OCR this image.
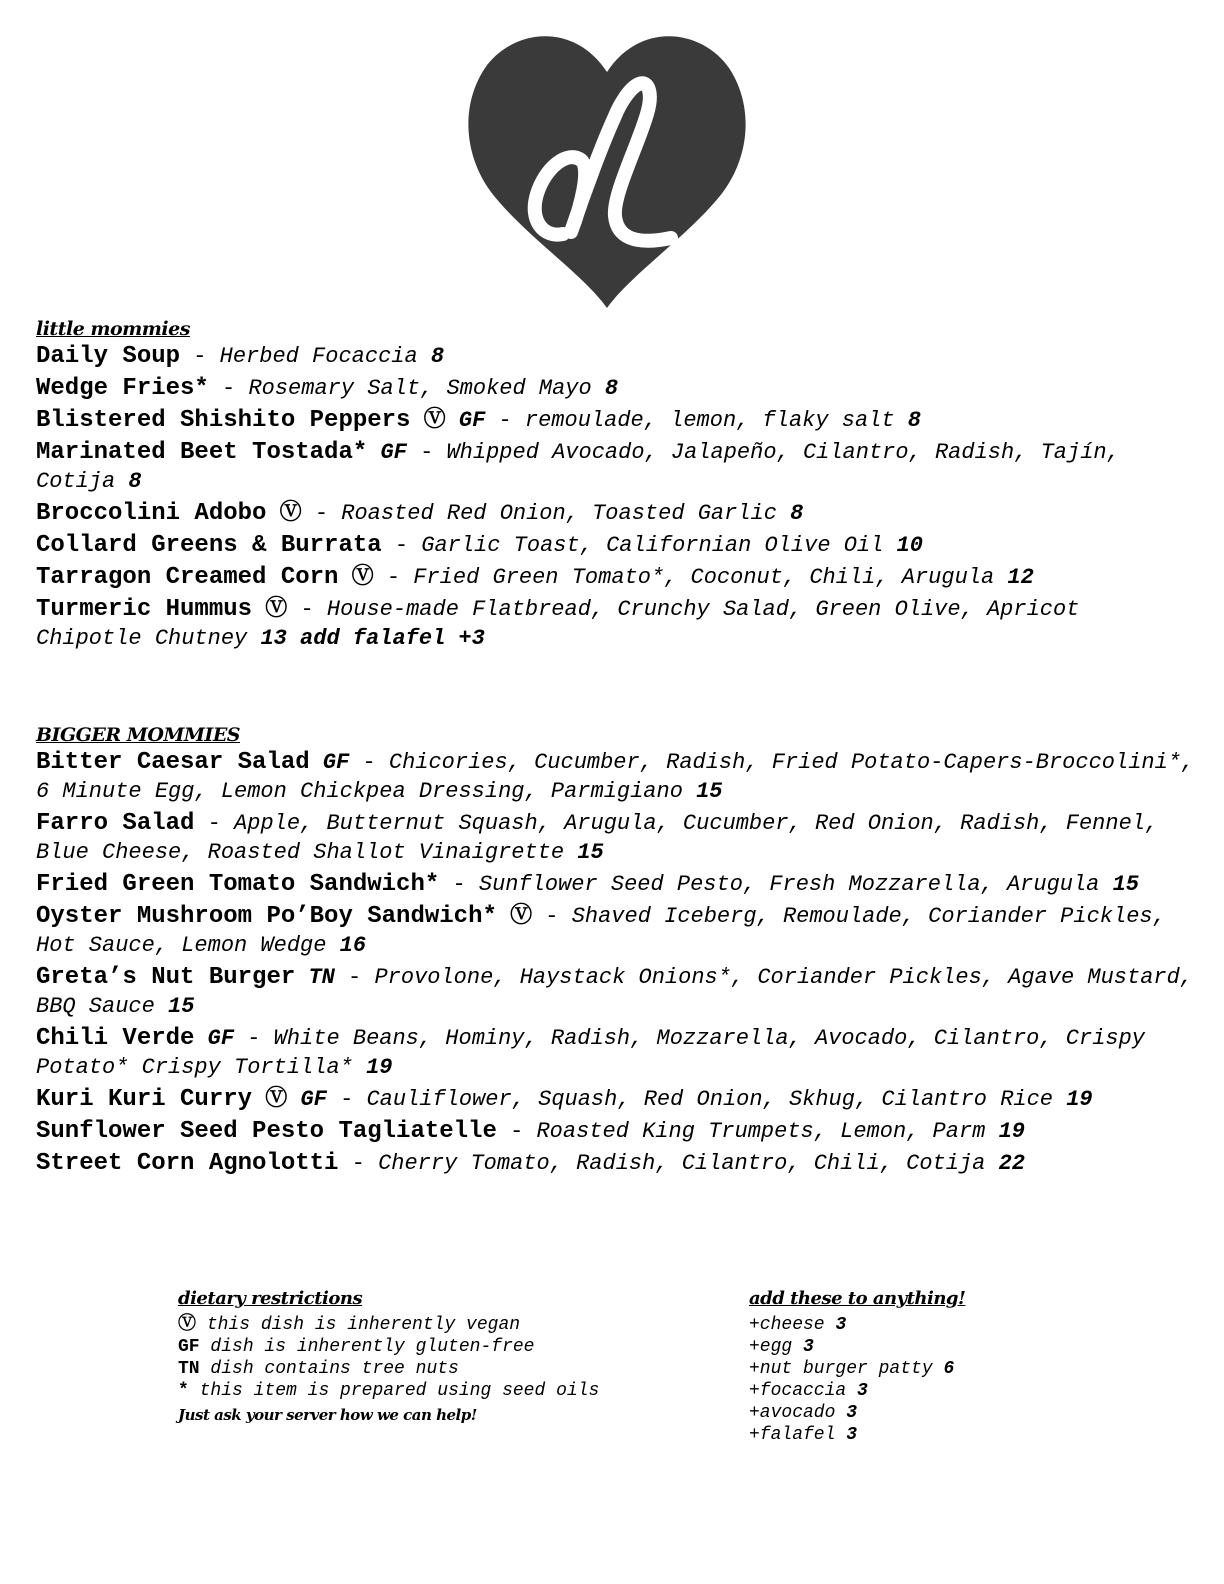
little mommies
Daily Soup - Herbed Focaccia 8
Wedge Fries* - Rosemary Salt, Smoked Mayo 8
Blistered Shishito Peppers Ⓥ GF - remoulade, lemon, flaky salt 8
Marinated Beet Tostada* GF - Whipped Avocado, Jalapeño, Cilantro, Radish, Tajín, Cotija 8
Broccolini Adobo Ⓥ - Roasted Red Onion, Toasted Garlic 8
Collard Greens & Burrata - Garlic Toast, Californian Olive Oil 10
Tarragon Creamed Corn Ⓥ - Fried Green Tomato*, Coconut, Chili, Arugula 12
Turmeric Hummus Ⓥ - House-made Flatbread, Crunchy Salad, Green Olive, Apricot Chipotle Chutney 13 add falafel +3
BIGGER MOMMIES
Bitter Caesar Salad GF - Chicories, Cucumber, Radish, Fried Potato-Capers-Broccolini*, 6 Minute Egg, Lemon Chickpea Dressing, Parmigiano 15
Farro Salad - Apple, Butternut Squash, Arugula, Cucumber, Red Onion, Radish, Fennel, Blue Cheese, Roasted Shallot Vinaigrette 15
Fried Green Tomato Sandwich* - Sunflower Seed Pesto, Fresh Mozzarella, Arugula 15
Oyster Mushroom Po’Boy Sandwich* Ⓥ - Shaved Iceberg, Remoulade, Coriander Pickles, Hot Sauce, Lemon Wedge 16
Greta’s Nut Burger TN - Provolone, Haystack Onions*, Coriander Pickles, Agave Mustard, BBQ Sauce 15
Chili Verde GF - White Beans, Hominy, Radish, Mozzarella, Avocado, Cilantro, Crispy Potato* Crispy Tortilla* 19
Kuri Kuri Curry Ⓥ GF - Cauliflower, Squash, Red Onion, Skhug, Cilantro Rice 19
Sunflower Seed Pesto Tagliatelle - Roasted King Trumpets, Lemon, Parm 19
Street Corn Agnolotti - Cherry Tomato, Radish, Cilantro, Chili, Cotija 22
dietary restrictions
Ⓥ this dish is inherently vegan
GF dish is inherently gluten-free
TN dish contains tree nuts
* this item is prepared using seed oils
Just ask your server how we can help!
add these to anything!
+cheese 3
+egg 3
+nut burger patty 6
+focaccia 3
+avocado 3
+falafel 3
